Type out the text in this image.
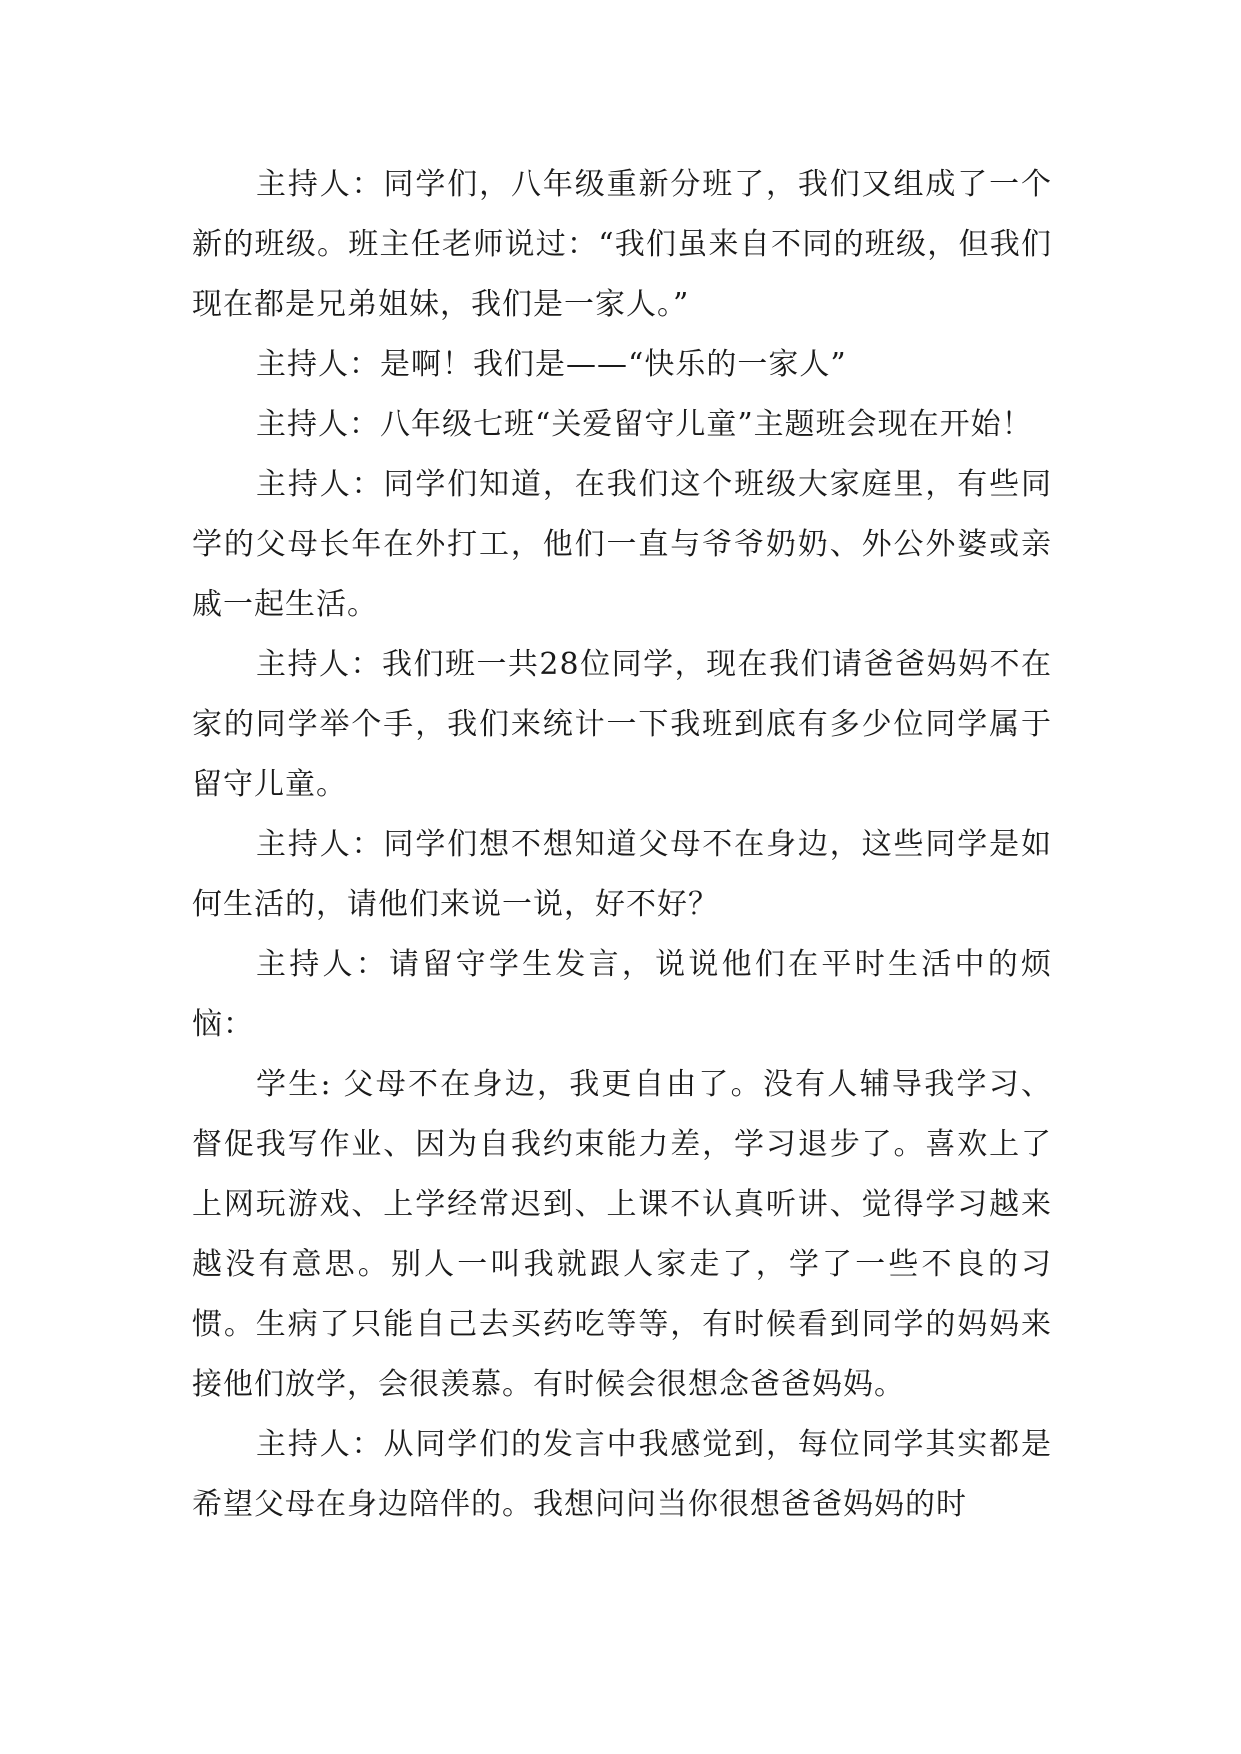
主持人：同学们，八年级重新分班了，我们又组成了一个新的班级。班主任老师说过：“我们虽来自不同的班级，但我们现在都是兄弟姐妹，我们是一家人。”

主持人：是啊！我们是——“快乐的一家人”

主持人：八年级七班“关爱留守儿童”主题班会现在开始！

主持人：同学们知道，在我们这个班级大家庭里，有些同学的父母长年在外打工，他们一直与爷爷奶奶、外公外婆或亲戚一起生活。

主持人：我们班一共28位同学，现在我们请爸爸妈妈不在家的同学举个手，我们来统计一下我班到底有多少位同学属于留守儿童。

主持人：同学们想不想知道父母不在身边，这些同学是如何生活的，请他们来说一说，好不好？

主持人：请留守学生发言，说说他们在平时生活中的烦恼：

学生: 父母不在身边，我更自由了。没有人辅导我学习、督促我写作业、因为自我约束能力差，学习退步了。喜欢上了上网玩游戏、上学经常迟到、上课不认真听讲、觉得学习越来越没有意思。别人一叫我就跟人家走了，学了一些不良的习惯。生病了只能自己去买药吃等等，有时候看到同学的妈妈来接他们放学，会很羡慕。有时候会很想念爸爸妈妈。

主持人：从同学们的发言中我感觉到，每位同学其实都是希望父母在身边陪伴的。我想问问当你很想爸爸妈妈的时
